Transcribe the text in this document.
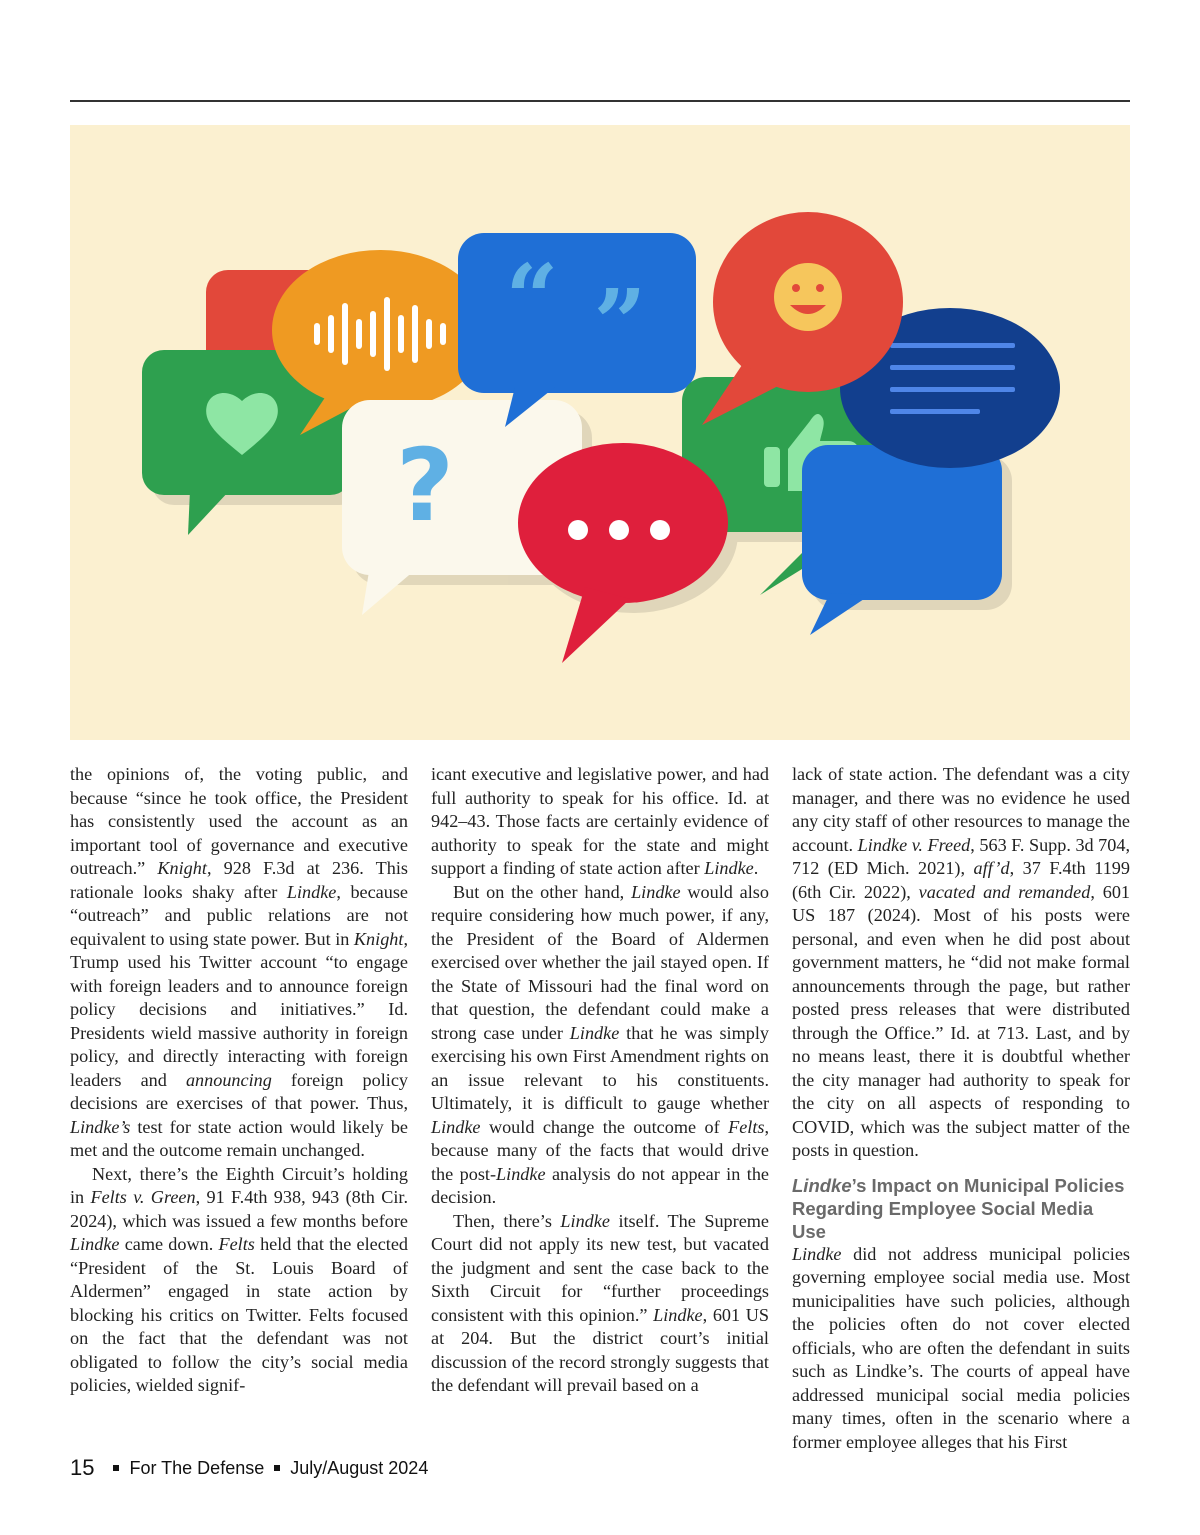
?
“ ”

the opinions of, the voting public, and because “since he took office, the President has consistently used the account as an important tool of governance and executive outreach.” Knight, 928 F.3d at 236. This rationale looks shaky after Lindke, because “outreach” and public relations are not equivalent to using state power. But in Knight, Trump used his Twitter account “to engage with foreign leaders and to announce foreign policy decisions and initiatives.” Id. Presidents wield massive authority in foreign policy, and directly interacting with foreign leaders and announcing foreign policy decisions are exercises of that power. Thus, Lindke’s test for state action would likely be met and the outcome remain unchanged.

Next, there’s the Eighth Circuit’s holding in Felts v. Green, 91 F.4th 938, 943 (8th Cir. 2024), which was issued a few months before Lindke came down. Felts held that the elected “President of the St. Louis Board of Aldermen” engaged in state action by blocking his critics on Twitter. Felts focused on the fact that the defendant was not obligated to follow the city’s social media policies, wielded signif-

icant executive and legislative power, and had full authority to speak for his office. Id. at 942–43. Those facts are certainly evidence of authority to speak for the state and might support a finding of state action after Lindke.

But on the other hand, Lindke would also require considering how much power, if any, the President of the Board of Aldermen exercised over whether the jail stayed open. If the State of Missouri had the final word on that question, the defendant could make a strong case under Lindke that he was simply exercising his own First Amendment rights on an issue relevant to his constituents. Ultimately, it is difficult to gauge whether Lindke would change the outcome of Felts, because many of the facts that would drive the post-Lindke analysis do not appear in the decision.

Then, there’s Lindke itself. The Supreme Court did not apply its new test, but vacated the judgment and sent the case back to the Sixth Circuit for “further proceedings consistent with this opinion.” Lindke, 601 US at 204. But the district court’s initial discussion of the record strongly suggests that the defendant will prevail based on a

lack of state action. The defendant was a city manager, and there was no evidence he used any city staff of other resources to manage the account. Lindke v. Freed, 563 F. Supp. 3d 704, 712 (ED Mich. 2021), aff’d, 37 F.4th 1199 (6th Cir. 2022), vacated and remanded, 601 US 187 (2024). Most of his posts were personal, and even when he did post about government matters, he “did not make formal announcements through the page, but rather posted press releases that were distributed through the Office.” Id. at 713. Last, and by no means least, there it is doubtful whether the city manager had authority to speak for the city on all aspects of responding to COVID, which was the subject matter of the posts in question.

Lindke’s Impact on Municipal Policies Regarding Employee Social Media Use

Lindke did not address municipal policies governing employee social media use. Most municipalities have such policies, although the policies often do not cover elected officials, who are often the defendant in suits such as Lindke’s. The courts of appeal have addressed municipal social media policies many times, often in the scenario where a former employee alleges that his First

15 For The Defense July/August 2024
